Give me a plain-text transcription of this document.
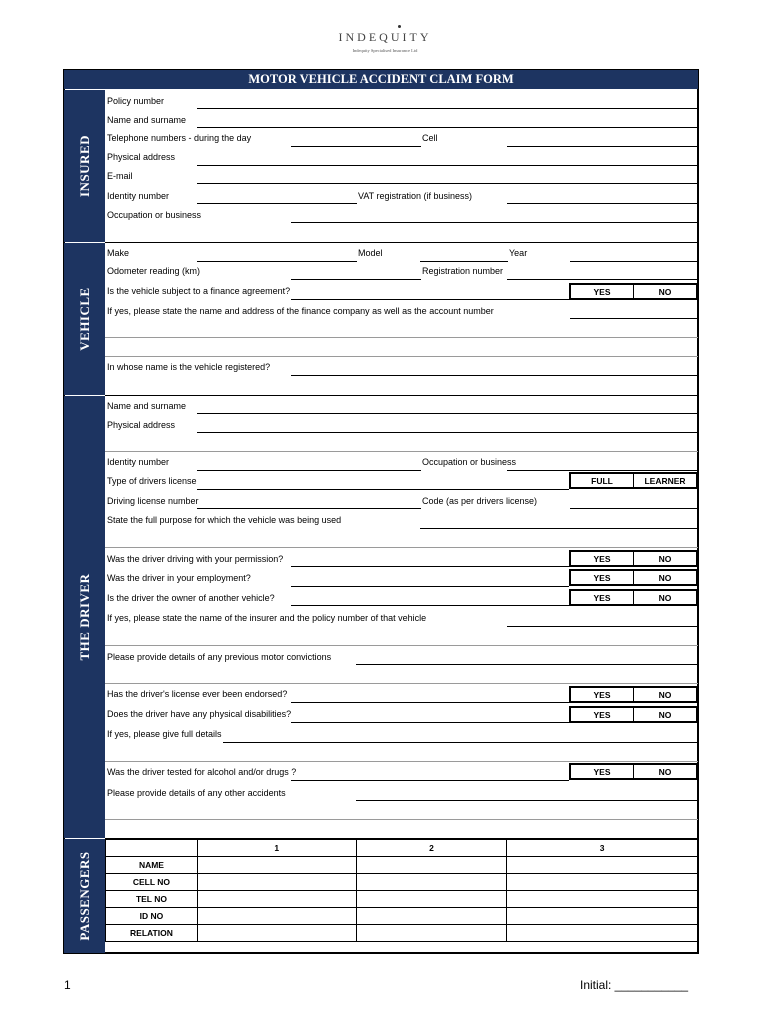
INDEQUITY
Indequity Specialised Insurance Ltd
MOTOR VEHICLE ACCIDENT CLAIM FORM
INSURED
VEHICLE
THE DRIVER
PASSENGERS
Policy number
Name and surname
Telephone numbers - during the day	Cell
Physical address
E-mail
Identity number	VAT registration (if business)
Occupation or business
Make	Model	Year
Odometer reading (km)	Registration number
Is the vehicle subject to a finance agreement?	YES	NO
If yes, please state the name and address of the finance company as well as the account number
In whose name is the vehicle registered?
Name and surname
Physical address
Identity number	Occupation or business
Type of drivers license	FULL	LEARNER
Driving license number	Code (as per drivers license)
State the full purpose for which the vehicle was being used
Was the driver driving with your permission?	YES	NO
Was the driver in your employment?	YES	NO
Is the driver the owner of another vehicle?	YES	NO
If yes, please state the name of the insurer and the policy number of that vehicle
Please provide details of any previous motor convictions
Has the driver's license ever been endorsed?	YES	NO
Does the driver have any physical disabilities?	YES	NO
If yes, please give full details
Was the driver tested for alcohol and/or drugs ?	YES	NO
Please provide details of any other accidents
	1	2	3
NAME			
CELL NO			
TEL NO			
ID NO			
RELATION			
1	Initial: ___________
